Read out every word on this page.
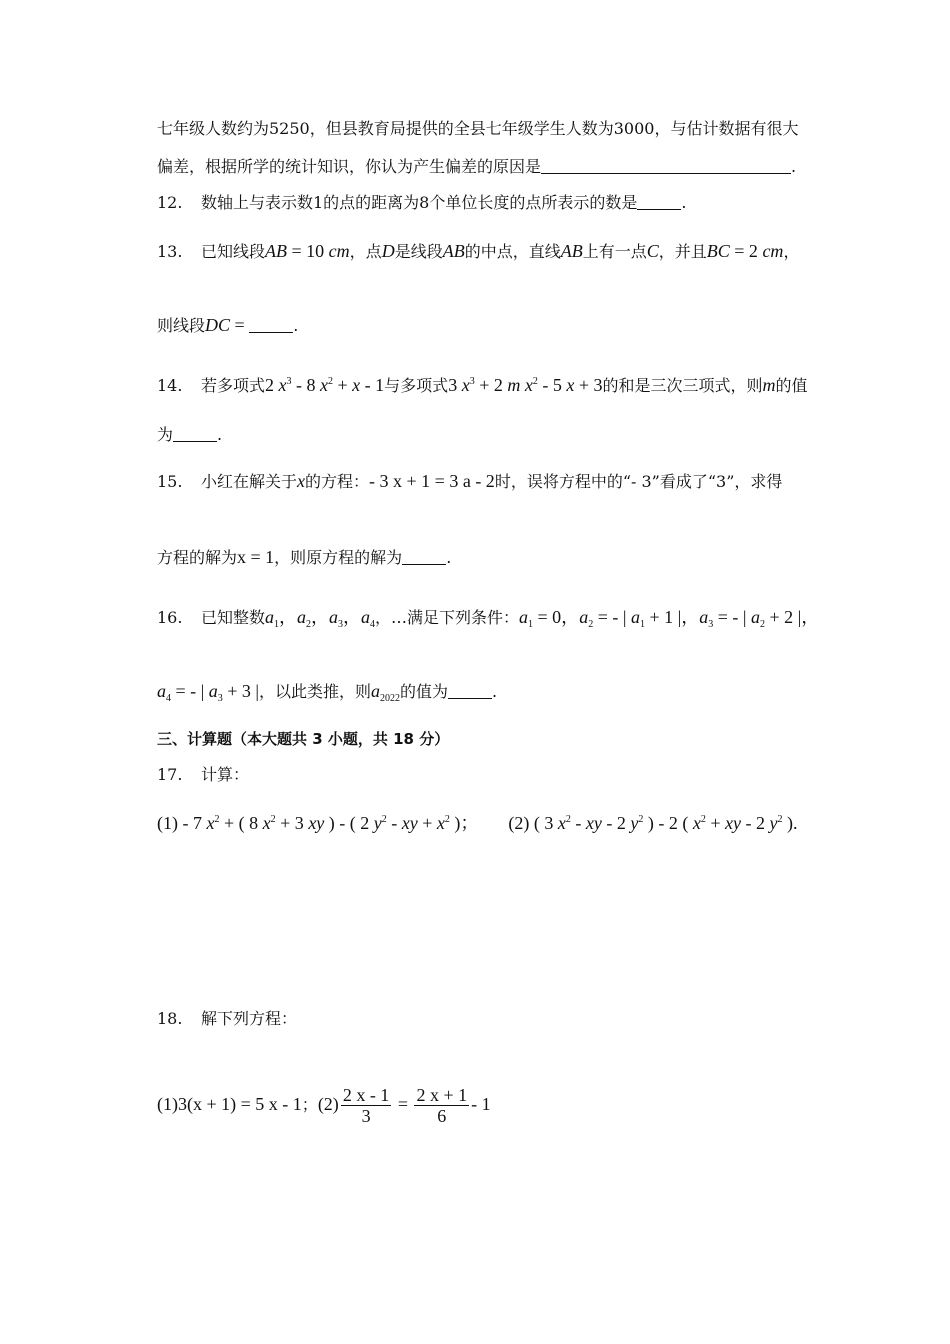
七年级人数约为5250，但县教育局提供的全县七年级学生人数为3000，与估计数据有很大
偏差，根据所学的统计知识，你认为产生偏差的原因是	.
12. 数轴上与表示数1的点的距离为8个单位长度的点所表示的数是	.
13. 已知线段AB = 10 cm，点D是线段AB的中点，直线AB上有一点C，并且BC = 2 cm，
则线段DC =	.
14. 若多项式2 $x^3 - 8$ $x^2 + x - 1$与多项式3 $x^3 + 2$ m $x^2 - 5$ x + 3的和是三次三项式，则m的值
为	.
15. 小红在解关于x的方程：- 3 x + 1 = 3 a - 2时，误将方程中的“- 3”看成了“3”，求得
方程的解为x = 1，则原方程的解为	.
16. 已知整数$a_1$，$a_2$，$a_3$，$a_4$，…满足下列条件：$a_1 = 0$，$a_2$ = - | $a_1 + 1$ |，$a_3$ = - | $a_2 + 2$ |，
$a_4$ = - | $a_3 + 3$ |，以此类推，则$a_{2022}$的值为	.
三、计算题（本大题共 3 小题，共 18 分）
17. 计算：
(1) - 7 $x^2$ + ( 8 $x^2 + 3$ xy ) - ( 2 $y^2$ - xy + $x^2$ )； (2) ( 3 $x^2$ - xy - 2 $y^2$ ) - 2 ( $x^2$ + xy - 2 $y^2$ ).
18. 解下列方程：
(1)3(x + 1) = 5 x - 1；$(2) \frac{2 x - 1}{3} = \frac{2 x + 1}{6} - 1$
